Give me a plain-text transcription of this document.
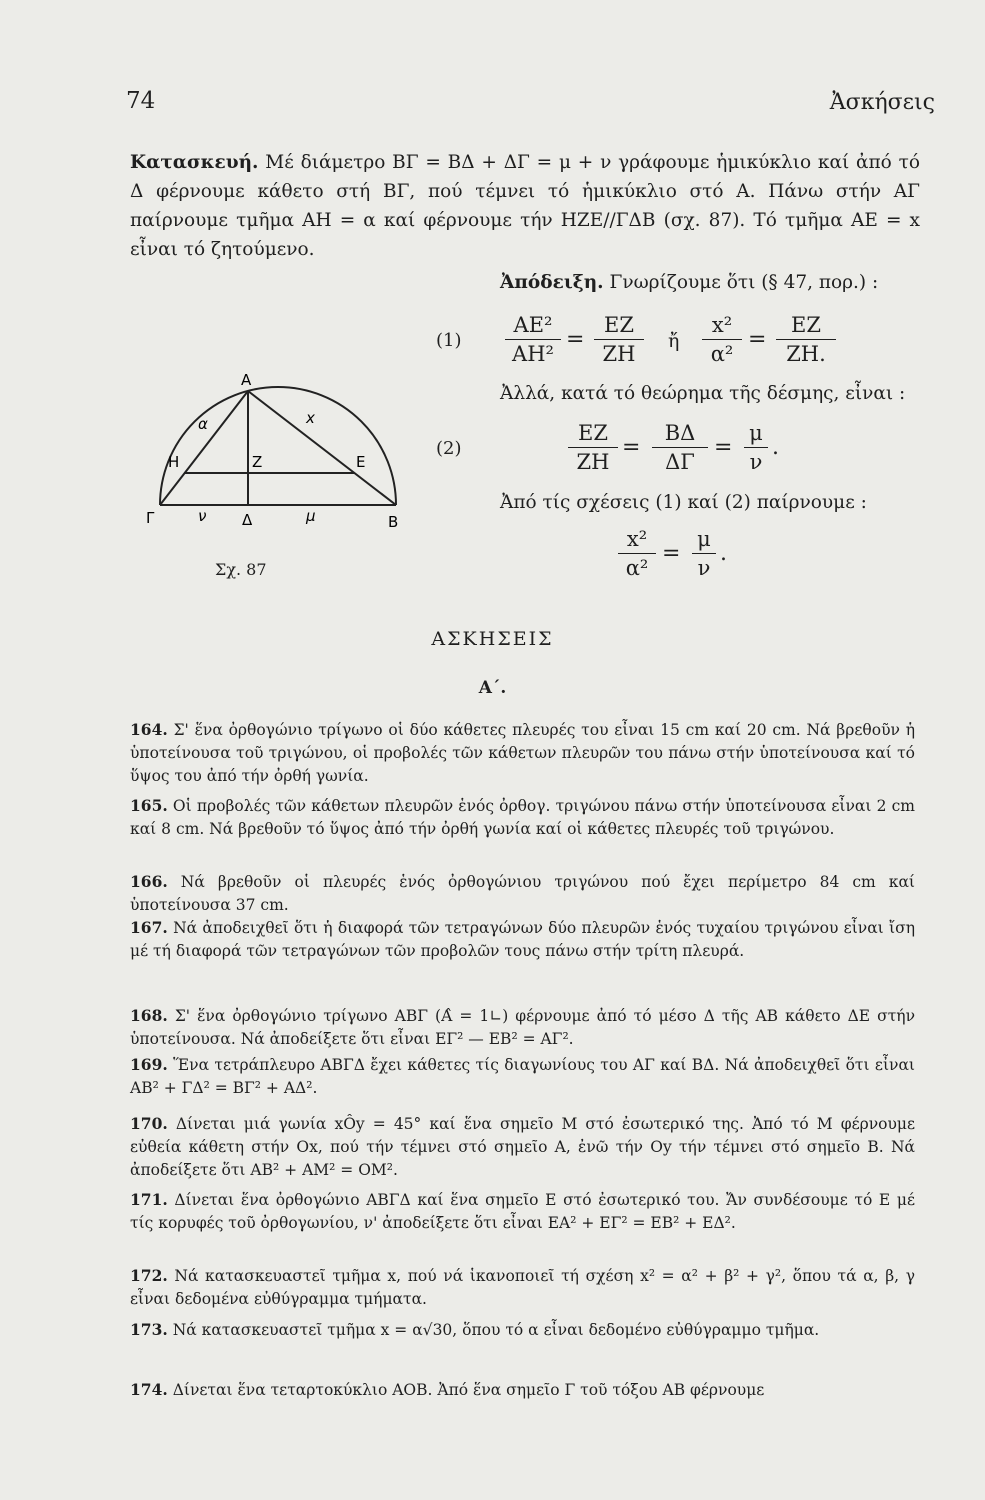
74	Ἀσκήσεις
Κατασκευή. Μέ διάμετρο ΒΓ = ΒΔ + ΔΓ = μ + ν γράφουμε ἡμικύκλιο καί ἀπό τό Δ φέρνουμε κάθετο στή ΒΓ, πού τέμνει τό ἡμικύκλιο στό Α. Πάνω στήν ΑΓ παίρνουμε τμῆμα ΑΗ = α καί φέρνουμε τήν ΗΖΕ//ΓΔΒ (σχ. 87). Τό τμῆμα ΑΕ = x εἶναι τό ζητούμενο.
Ἀπόδειξη. Γνωρίζουμε ὅτι (§ 47, πορ.) :
(1)
ΑΕ²
ΑΗ²
=
ΕΖ
ΖΗ
ἤ
x²
α²
=
ΕΖ
ΖΗ.
Ἀλλά, κατά τό θεώρημα τῆς δέσμης, εἶναι :
(2)
ΕΖ
ΖΗ
=
ΒΔ
ΔΓ
=
μ
ν
.
Ἀπό τίς σχέσεις (1) καί (2) παίρνουμε :
x²
α²
=
μ
ν
.
Α
Η	Ζ	Ε
Γ	Δ	Β
α	x
ν	μ
Σχ. 87
ΑΣΚΗΣΕΙΣ
Α΄.
164. Σ' ἕνα ὀρθογώνιο τρίγωνο οἱ δύο κάθετες πλευρές του εἶναι 15 cm καί 20 cm. Νά βρεθοῦν ἡ ὑποτείνουσα τοῦ τριγώνου, οἱ προβολές τῶν κάθετων πλευρῶν του πάνω στήν ὑποτείνουσα καί τό ὕψος του ἀπό τήν ὀρθή γωνία.
165. Οἱ προβολές τῶν κάθετων πλευρῶν ἑνός ὀρθογ. τριγώνου πάνω στήν ὑποτείνουσα εἶναι 2 cm καί 8 cm. Νά βρεθοῦν τό ὕψος ἀπό τήν ὀρθή γωνία καί οἱ κάθετες πλευρές τοῦ τριγώνου.
166. Νά βρεθοῦν οἱ πλευρές ἑνός ὀρθογώνιου τριγώνου πού ἔχει περίμετρο 84 cm καί ὑποτείνουσα 37 cm.
167. Νά ἀποδειχθεῖ ὅτι ἡ διαφορά τῶν τετραγώνων δύο πλευρῶν ἑνός τυχαίου τριγώνου εἶναι ἴση μέ τή διαφορά τῶν τετραγώνων τῶν προβολῶν τους πάνω στήν τρίτη πλευρά.
168. Σ' ἕνα ὀρθογώνιο τρίγωνο ΑΒΓ (Α̂ = 1∟) φέρνουμε ἀπό τό μέσο Δ τῆς ΑΒ κάθετο ΔΕ στήν ὑποτείνουσα. Νά ἀποδείξετε ὅτι εἶναι ΕΓ² — ΕΒ² = ΑΓ².
169. Ἕνα τετράπλευρο ΑΒΓΔ ἔχει κάθετες τίς διαγωνίους του ΑΓ καί ΒΔ. Νά ἀποδειχθεῖ ὅτι εἶναι ΑΒ² + ΓΔ² = ΒΓ² + ΑΔ².
170. Δίνεται μιά γωνία xÔy = 45° καί ἕνα σημεῖο Μ στό ἐσωτερικό της. Ἀπό τό Μ φέρνουμε εὐθεία κάθετη στήν Οx, πού τήν τέμνει στό σημεῖο Α, ἐνῶ τήν Οy τήν τέμνει στό σημεῖο Β. Νά ἀποδείξετε ὅτι ΑΒ² + ΑΜ² = ΟΜ².
171. Δίνεται ἕνα ὀρθογώνιο ΑΒΓΔ καί ἕνα σημεῖο Ε στό ἐσωτερικό του. Ἄν συνδέσουμε τό Ε μέ τίς κορυφές τοῦ ὀρθογωνίου, ν' ἀποδείξετε ὅτι εἶναι ΕΑ² + ΕΓ² = ΕΒ² + ΕΔ².
172. Νά κατασκευαστεῖ τμῆμα x, πού νά ἱκανοποιεῖ τή σχέση x² = α² + β² + γ², ὅπου τά α, β, γ εἶναι δεδομένα εὐθύγραμμα τμήματα.
173. Νά κατασκευαστεῖ τμῆμα x = α√30, ὅπου τό α εἶναι δεδομένο εὐθύγραμμο τμῆμα.
174. Δίνεται ἕνα τεταρτοκύκλιο ΑΟΒ. Ἀπό ἕνα σημεῖο Γ τοῦ τόξου ΑΒ φέρνουμε
